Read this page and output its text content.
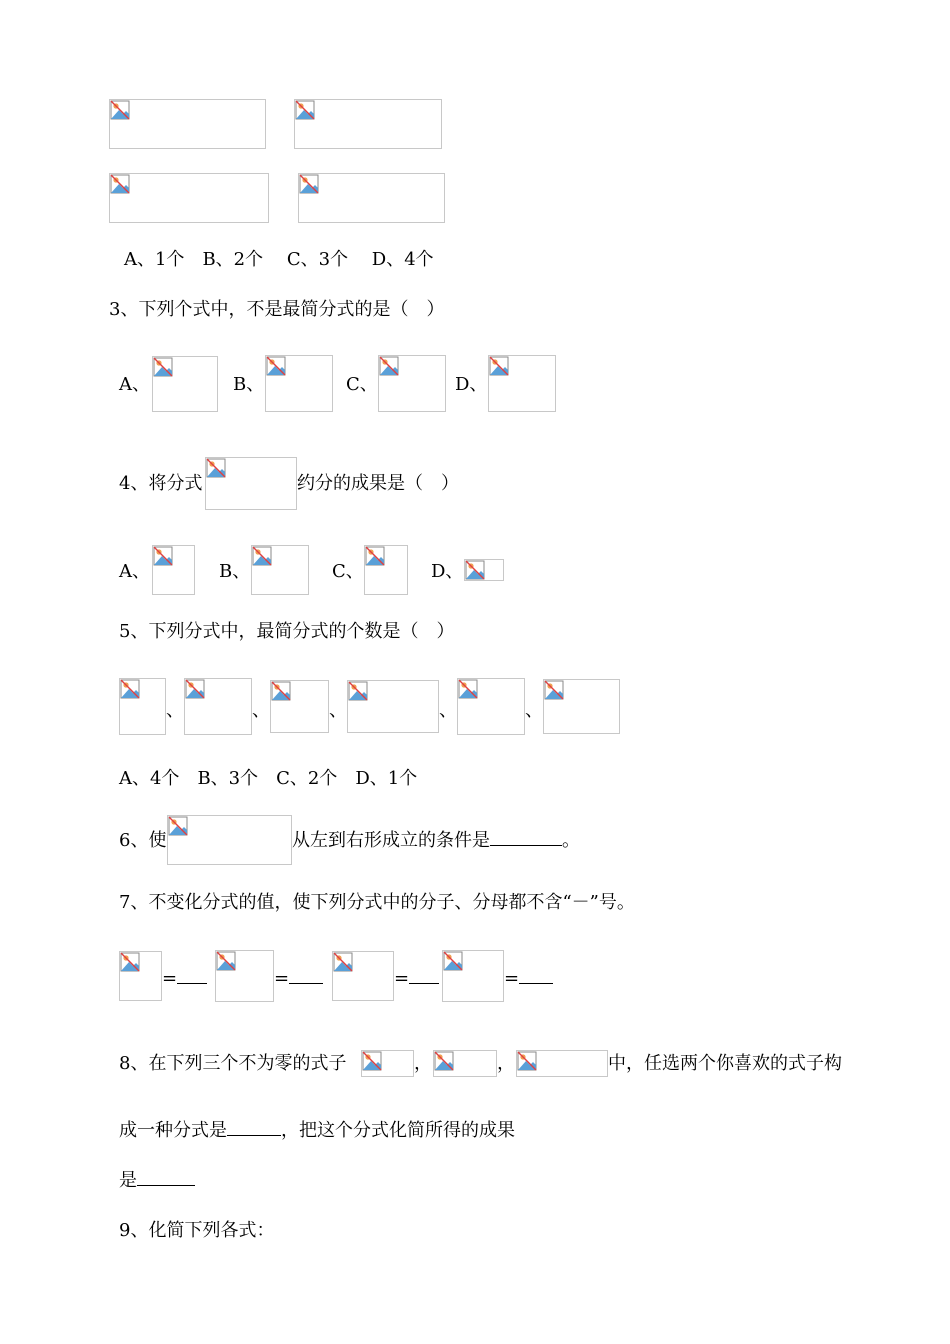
A、1个　B、2个　 C、3个　 D、4个
3、下列个式中，不是最简分式的是（　）
A、	B、	C、	D、
4、将分式	约分的成果是（　）
A、	B、	C、	D、
5、下列分式中，最简分式的个数是（　）
、	、	、	、	、
A、4个　B、3个　C、2个　D、1个
6、使	从左到右形成立的条件是	。
7、不变化分式的值，使下列分式中的分子、分母都不含“－”号。
=	=	=	=
8、在下列三个不为零的式子	，	，	中，任选两个你喜欢的式子构
成一种分式是	，把这个分式化简所得的成果
是
9、化简下列各式：
